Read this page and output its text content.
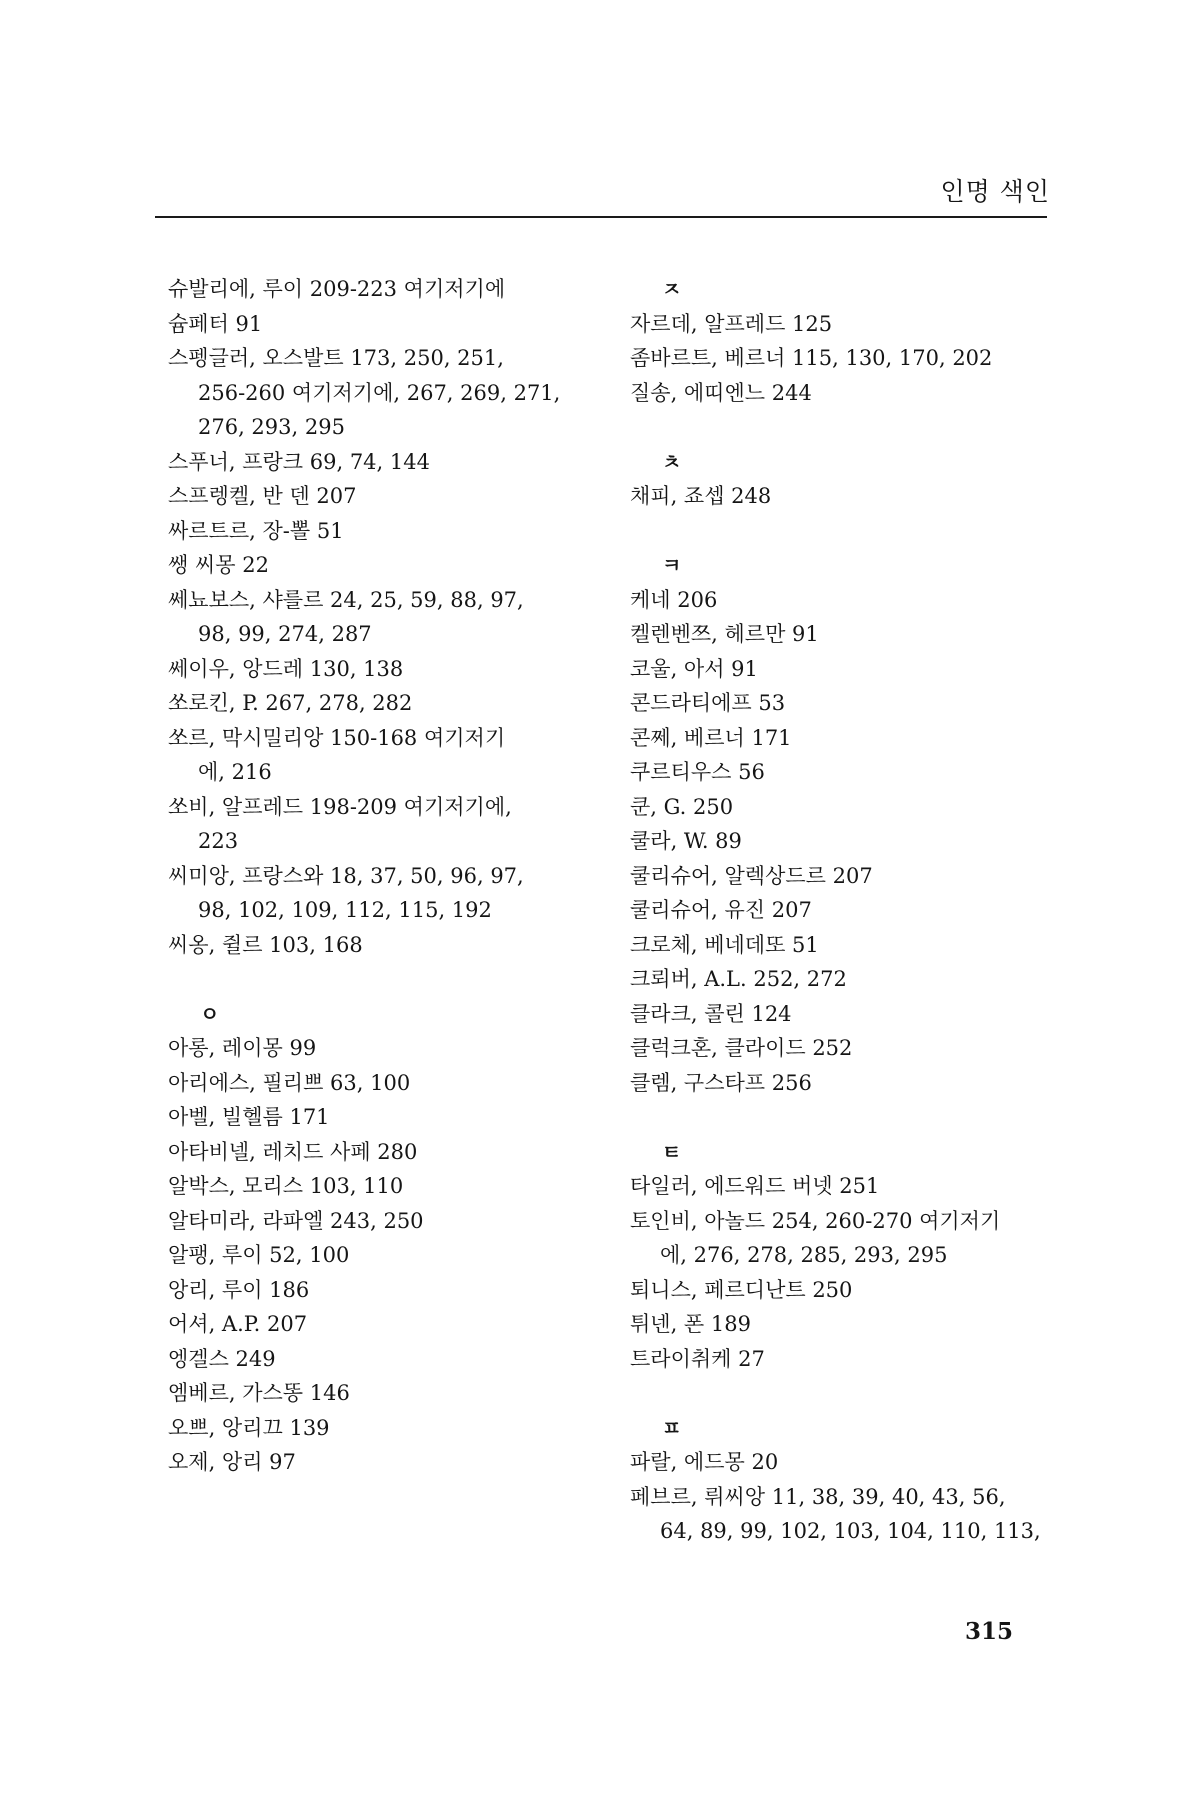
인명 색인
슈발리에, 루이 209-223 여기저기에
슘페터 91
스펭글러, 오스발트 173, 250, 251,
256-260 여기저기에, 267, 269, 271,
276, 293, 295
스푸너, 프랑크 69, 74, 144
스프렝켈, 반 덴 207
싸르트르, 장-뽈 51
쌩 씨몽 22
쎄뇨보스, 샤를르 24, 25, 59, 88, 97,
98, 99, 274, 287
쎄이우, 앙드레 130, 138
쏘로킨, P. 267, 278, 282
쏘르, 막시밀리앙 150-168 여기저기
에, 216
쏘비, 알프레드 198-209 여기저기에,
223
씨미앙, 프랑스와 18, 37, 50, 96, 97,
98, 102, 109, 112, 115, 192
씨옹, 쥘르 103, 168
ㅇ
아롱, 레이몽 99
아리에스, 필리쁘 63, 100
아벨, 빌헬름 171
아타비넬, 레치드 사페 280
알박스, 모리스 103, 110
알타미라, 라파엘 243, 250
알팽, 루이 52, 100
앙리, 루이 186
어셔, A.P. 207
엥겔스 249
엠베르, 가스똥 146
오쁘, 앙리끄 139
오제, 앙리 97
ㅈ
자르데, 알프레드 125
좀바르트, 베르너 115, 130, 170, 202
질송, 에띠엔느 244
ㅊ
채피, 죠셉 248
ㅋ
케네 206
켈렌벤쯔, 헤르만 91
코울, 아서 91
콘드라티에프 53
콘쩨, 베르너 171
쿠르티우스 56
쿤, G. 250
쿨라, W. 89
쿨리슈어, 알렉상드르 207
쿨리슈어, 유진 207
크로체, 베네데또 51
크뢰버, A.L. 252, 272
클라크, 콜린 124
클럭크혼, 클라이드 252
클렘, 구스타프 256
ㅌ
타일러, 에드워드 버넷 251
토인비, 아놀드 254, 260-270 여기저기
에, 276, 278, 285, 293, 295
퇴니스, 페르디난트 250
튀넨, 폰 189
트라이취케 27
ㅍ
파랄, 에드몽 20
페브르, 뤼씨앙 11, 38, 39, 40, 43, 56,
64, 89, 99, 102, 103, 104, 110, 113,
315
